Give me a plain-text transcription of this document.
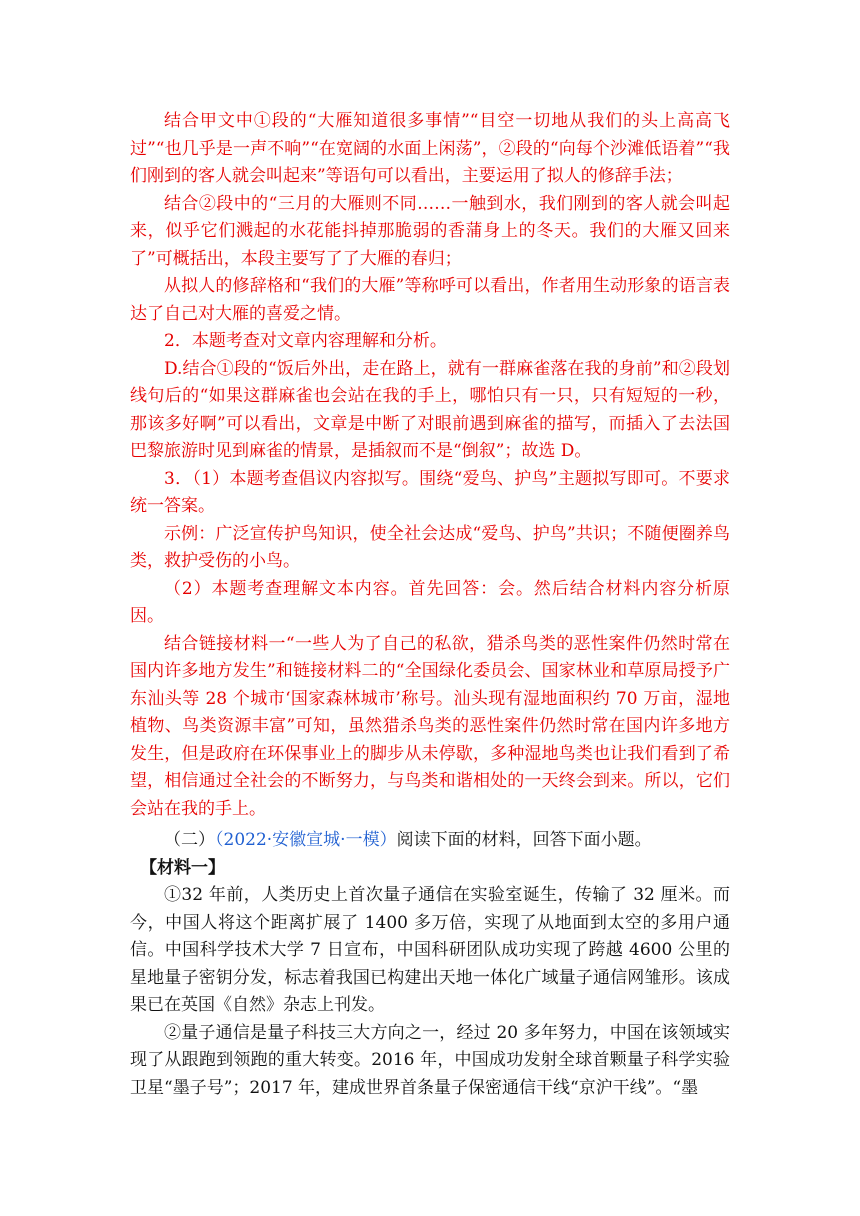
结合甲文中①段的“大雁知道很多事情”“目空一切地从我们的头上高高飞过”“也几乎是一声不响”“在宽阔的水面上闲荡”，②段的“向每个沙滩低语着”“我们刚到的客人就会叫起来”等语句可以看出，主要运用了拟人的修辞手法；

结合②段中的“三月的大雁则不同……一触到水，我们刚到的客人就会叫起来，似乎它们溅起的水花能抖掉那脆弱的香蒲身上的冬天。我们的大雁又回来了”可概括出，本段主要写了了大雁的春归；

从拟人的修辞格和“我们的大雁”等称呼可以看出，作者用生动形象的语言表达了自己对大雁的喜爱之情。

2．本题考查对文章内容理解和分析。

D.结合①段的“饭后外出，走在路上，就有一群麻雀落在我的身前”和②段划线句后的“如果这群麻雀也会站在我的手上，哪怕只有一只，只有短短的一秒，那该多好啊”可以看出，文章是中断了对眼前遇到麻雀的描写，而插入了去法国巴黎旅游时见到麻雀的情景，是插叙而不是“倒叙”；故选 D。

3．（1）本题考查倡议内容拟写。围绕“爱鸟、护鸟”主题拟写即可。不要求统一答案。

示例：广泛宣传护鸟知识，使全社会达成“爱鸟、护鸟”共识；不随便圈养鸟类，救护受伤的小鸟。

（2）本题考查理解文本内容。首先回答：会。然后结合材料内容分析原因。

结合链接材料一“一些人为了自己的私欲，猎杀鸟类的恶性案件仍然时常在国内许多地方发生”和链接材料二的“全国绿化委员会、国家林业和草原局授予广东汕头等 28 个城市‘国家森林城市’称号。汕头现有湿地面积约 70 万亩，湿地植物、鸟类资源丰富”可知，虽然猎杀鸟类的恶性案件仍然时常在国内许多地方发生，但是政府在环保事业上的脚步从未停歇，多种湿地鸟类也让我们看到了希望，相信通过全社会的不断努力，与鸟类和谐相处的一天终会到来。所以，它们会站在我的手上。

（二）（2022·安徽宣城·一模）阅读下面的材料，回答下面小题。

【材料一】

①32 年前，人类历史上首次量子通信在实验室诞生，传输了 32 厘米。而今，中国人将这个距离扩展了 1400 多万倍，实现了从地面到太空的多用户通信。中国科学技术大学 7 日宣布，中国科研团队成功实现了跨越 4600 公里的星地量子密钥分发，标志着我国已构建出天地一体化广域量子通信网雏形。该成果已在英国《自然》杂志上刊发。

②量子通信是量子科技三大方向之一，经过 20 多年努力，中国在该领域实现了从跟跑到领跑的重大转变。2016 年，中国成功发射全球首颗量子科学实验卫星“墨子号”；2017 年，建成世界首条量子保密通信干线“京沪干线”。“墨
